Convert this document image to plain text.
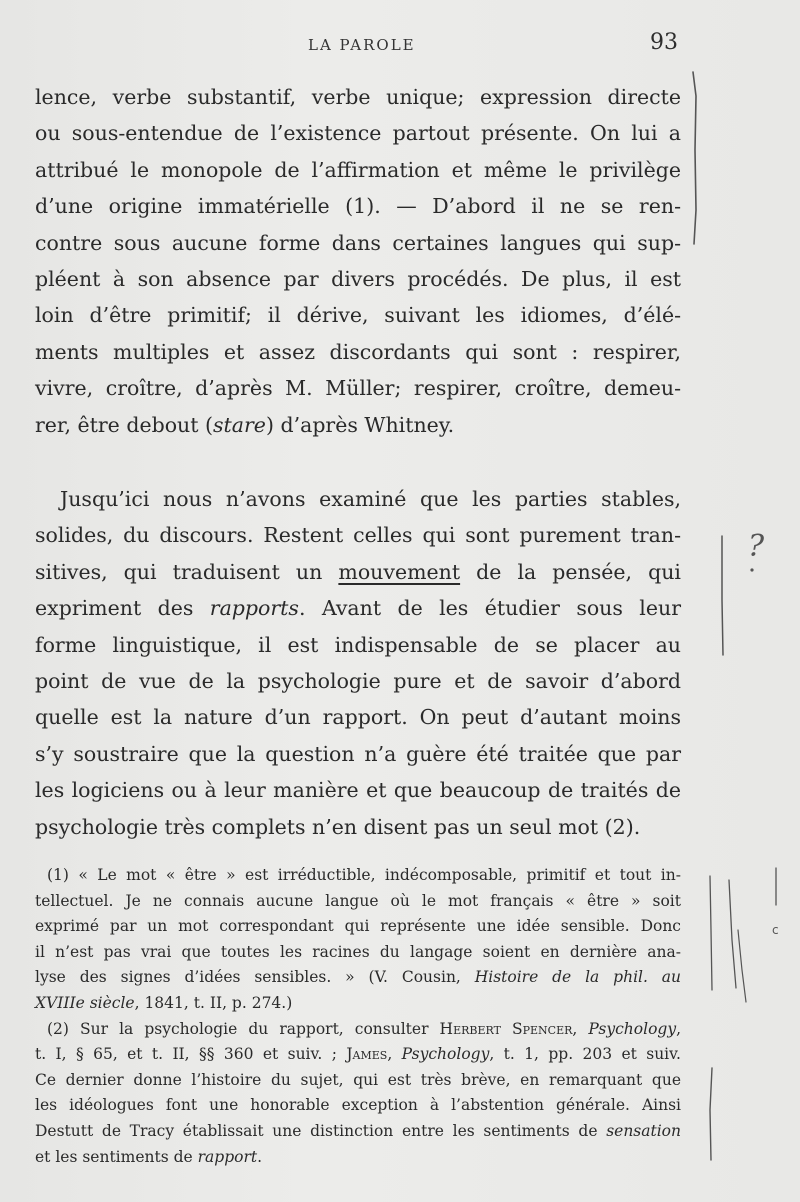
LA PAROLE	93
lence, verbe substantif, verbe unique; expression directe
ou sous-entendue de l’existence partout présente. On lui a
attribué le monopole de l’affirmation et même le privilège
d’une origine immatérielle (1). — D’abord il ne se ren-
contre sous aucune forme dans certaines langues qui sup-
pléent à son absence par divers procédés. De plus, il est
loin d’être primitif; il dérive, suivant les idiomes, d’élé-
ments multiples et assez discordants qui sont : respirer,
vivre, croître, d’après M. Müller; respirer, croître, demeu-
rer, être debout (stare) d’après Whitney.
Jusqu’ici nous n’avons examiné que les parties stables,
solides, du discours. Restent celles qui sont purement tran-
sitives, qui traduisent un mouvement de la pensée, qui
expriment des rapports. Avant de les étudier sous leur
forme linguistique, il est indispensable de se placer au
point de vue de la psychologie pure et de savoir d’abord
quelle est la nature d’un rapport. On peut d’autant moins
s’y soustraire que la question n’a guère été traitée que par
les logiciens ou à leur manière et que beaucoup de traités de
psychologie très complets n’en disent pas un seul mot (2).
(1) « Le mot « être » est irréductible, indécomposable, primitif et tout in-
tellectuel. Je ne connais aucune langue où le mot français « être » soit
exprimé par un mot correspondant qui représente une idée sensible. Donc
il n’est pas vrai que toutes les racines du langage soient en dernière ana-
lyse des signes d’idées sensibles. » (V. Cousin, Histoire de la phil. au
XVIIIe siècle, 1841, t. II, p. 274.)
(2) Sur la psychologie du rapport, consulter Herbert Spencer, Psychology,
t. I, § 65, et t. II, §§ 360 et suiv. ; James, Psychology, t. 1, pp. 203 et suiv.
Ce dernier donne l’histoire du sujet, qui est très brève, en remarquant que
les idéologues font une honorable exception à l’abstention générale. Ainsi
Destutt de Tracy établissait une distinction entre les sentiments de sensation
et les sentiments de rapport.
?
c
